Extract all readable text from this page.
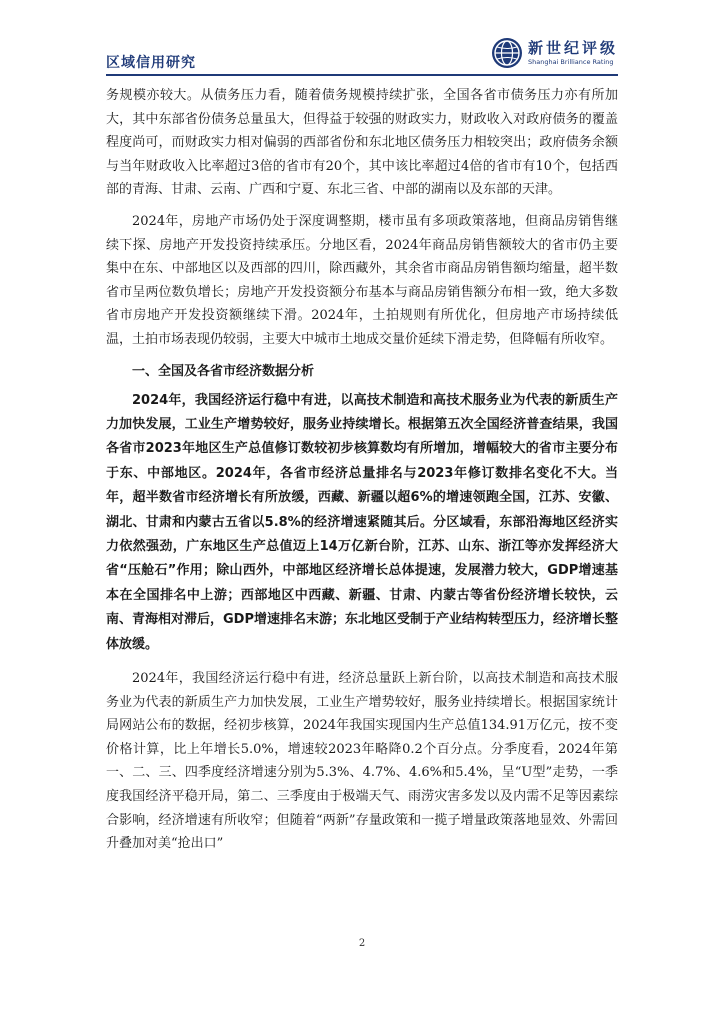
区域信用研究
新世纪评级
Shanghai Brilliance Rating

务规模亦较大。从债务压力看，随着债务规模持续扩张，全国各省市债务压力亦有所加大，其中东部省份债务总量虽大，但得益于较强的财政实力，财政收入对政府债务的覆盖程度尚可，而财政实力相对偏弱的西部省份和东北地区债务压力相较突出；政府债务余额与当年财政收入比率超过3倍的省市有20个，其中该比率超过4倍的省市有10个，包括西部的青海、甘肃、云南、广西和宁夏、东北三省、中部的湖南以及东部的天津。

2024年，房地产市场仍处于深度调整期，楼市虽有多项政策落地，但商品房销售继续下探、房地产开发投资持续承压。分地区看，2024年商品房销售额较大的省市仍主要集中在东、中部地区以及西部的四川，除西藏外，其余省市商品房销售额均缩量，超半数省市呈两位数负增长；房地产开发投资额分布基本与商品房销售额分布相一致，绝大多数省市房地产开发投资额继续下滑。2024年，土拍规则有所优化，但房地产市场持续低温，土拍市场表现仍较弱，主要大中城市土地成交量价延续下滑走势，但降幅有所收窄。

一、全国及各省市经济数据分析

2024年，我国经济运行稳中有进，以高技术制造和高技术服务业为代表的新质生产力加快发展，工业生产增势较好，服务业持续增长。根据第五次全国经济普查结果，我国各省市2023年地区生产总值修订数较初步核算数均有所增加，增幅较大的省市主要分布于东、中部地区。2024年，各省市经济总量排名与2023年修订数排名变化不大。当年，超半数省市经济增长有所放缓，西藏、新疆以超6%的增速领跑全国，江苏、安徽、湖北、甘肃和内蒙古五省以5.8%的经济增速紧随其后。分区域看，东部沿海地区经济实力依然强劲，广东地区生产总值迈上14万亿新台阶，江苏、山东、浙江等亦发挥经济大省“压舱石”作用；除山西外，中部地区经济增长总体提速，发展潜力较大，GDP增速基本在全国排名中上游；西部地区中西藏、新疆、甘肃、内蒙古等省份经济增长较快，云南、青海相对滞后，GDP增速排名末游；东北地区受制于产业结构转型压力，经济增长整体放缓。

2024年，我国经济运行稳中有进，经济总量跃上新台阶，以高技术制造和高技术服务业为代表的新质生产力加快发展，工业生产增势较好，服务业持续增长。根据国家统计局网站公布的数据，经初步核算，2024年我国实现国内生产总值134.91万亿元，按不变价格计算，比上年增长5.0%，增速较2023年略降0.2个百分点。分季度看，2024年第一、二、三、四季度经济增速分别为5.3%、4.7%、4.6%和5.4%，呈“U型”走势，一季度我国经济平稳开局，第二、三季度由于极端天气、雨涝灾害多发以及内需不足等因素综合影响，经济增速有所收窄；但随着“两新”存量政策和一揽子增量政策落地显效、外需回升叠加对美“抢出口”

2
